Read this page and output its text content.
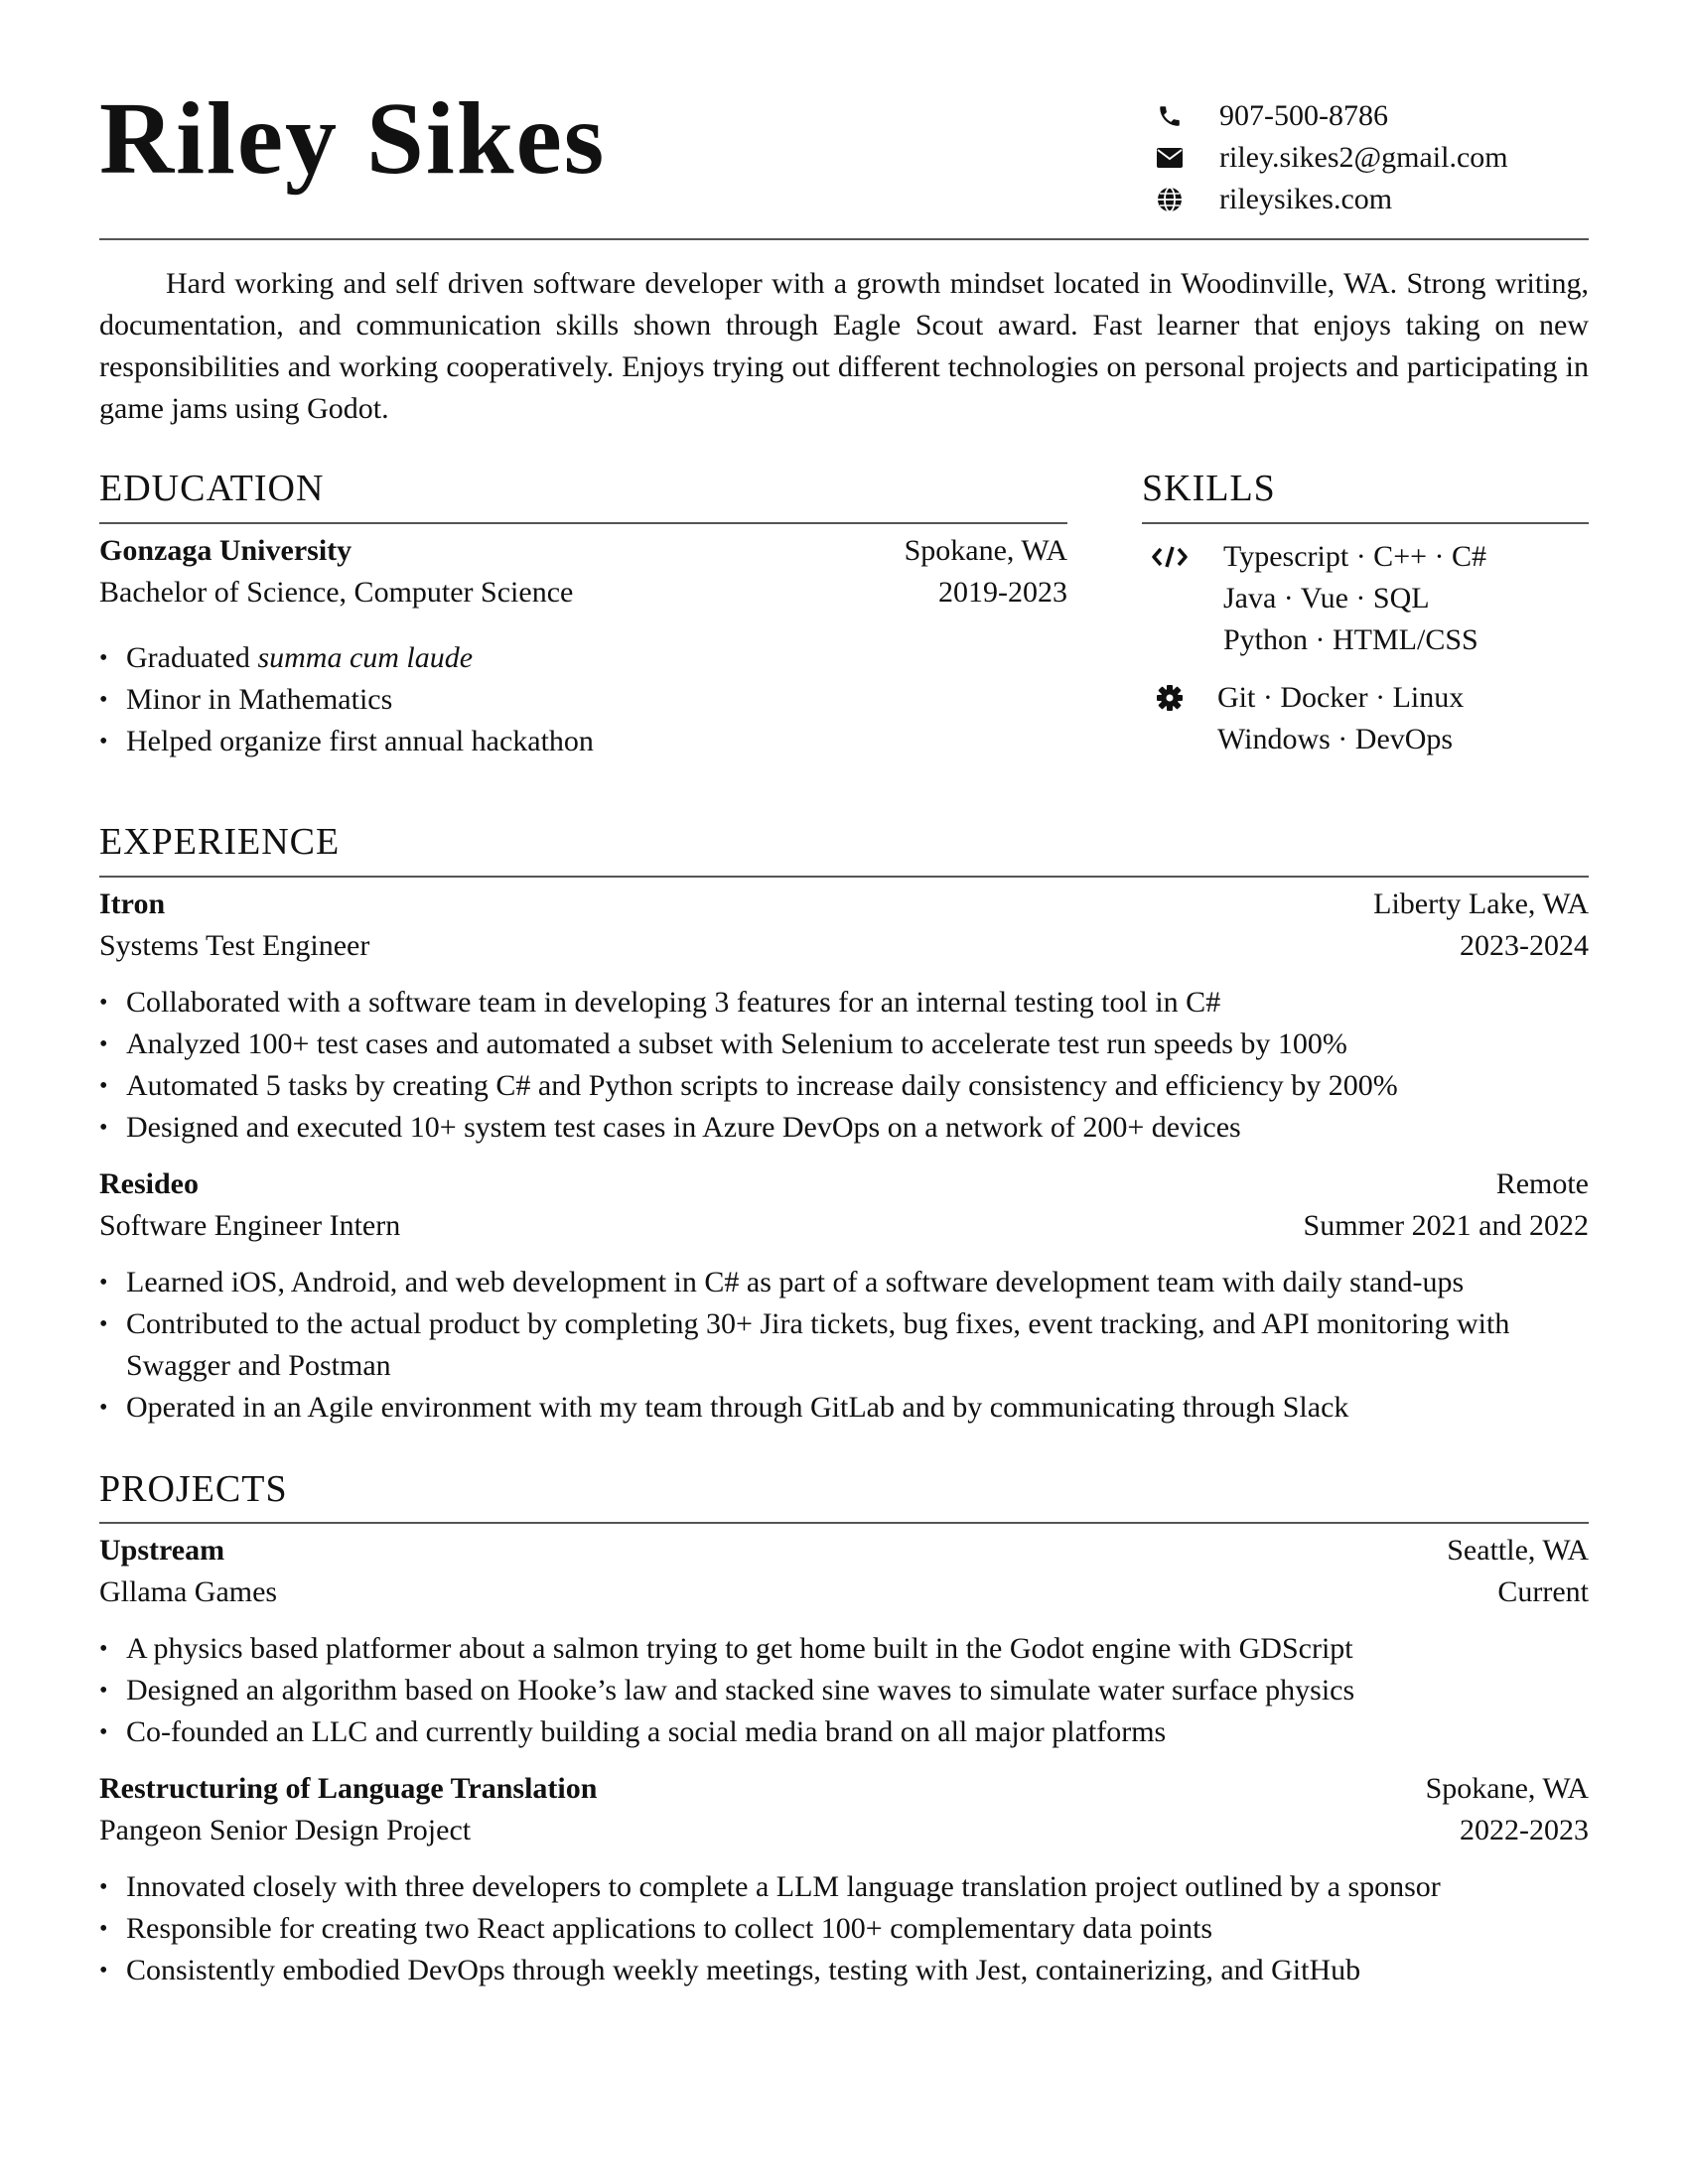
Riley Sikes	907-500-8786
riley.sikes2@gmail.com
rileysikes.com
Hard working and self driven software developer with a growth mindset located in Woodinville, WA. Strong writing, documentation, and communication skills shown through Eagle Scout award. Fast learner that enjoys taking on new responsibilities and working cooperatively. Enjoys trying out different technologies on personal projects and participating in game jams using Godot.
EDUCATION
Gonzaga University	Spokane, WA
Bachelor of Science, Computer Science	2019-2023
• Graduated summa cum laude
• Minor in Mathematics
• Helped organize first annual hackathon
SKILLS
Typescript · C++ · C#
Java · Vue · SQL
Python · HTML/CSS
Git · Docker · Linux
Windows · DevOps
EXPERIENCE
Itron	Liberty Lake, WA
Systems Test Engineer	2023-2024
• Collaborated with a software team in developing 3 features for an internal testing tool in C#
• Analyzed 100+ test cases and automated a subset with Selenium to accelerate test run speeds by 100%
• Automated 5 tasks by creating C# and Python scripts to increase daily consistency and efficiency by 200%
• Designed and executed 10+ system test cases in Azure DevOps on a network of 200+ devices
Resideo	Remote
Software Engineer Intern	Summer 2021 and 2022
• Learned iOS, Android, and web development in C# as part of a software development team with daily stand-ups
• Contributed to the actual product by completing 30+ Jira tickets, bug fixes, event tracking, and API monitoring with Swagger and Postman
• Operated in an Agile environment with my team through GitLab and by communicating through Slack
PROJECTS
Upstream	Seattle, WA
Gllama Games	Current
• A physics based platformer about a salmon trying to get home built in the Godot engine with GDScript
• Designed an algorithm based on Hooke’s law and stacked sine waves to simulate water surface physics
• Co-founded an LLC and currently building a social media brand on all major platforms
Restructuring of Language Translation	Spokane, WA
Pangeon Senior Design Project	2022-2023
• Innovated closely with three developers to complete a LLM language translation project outlined by a sponsor
• Responsible for creating two React applications to collect 100+ complementary data points
• Consistently embodied DevOps through weekly meetings, testing with Jest, containerizing, and GitHub
